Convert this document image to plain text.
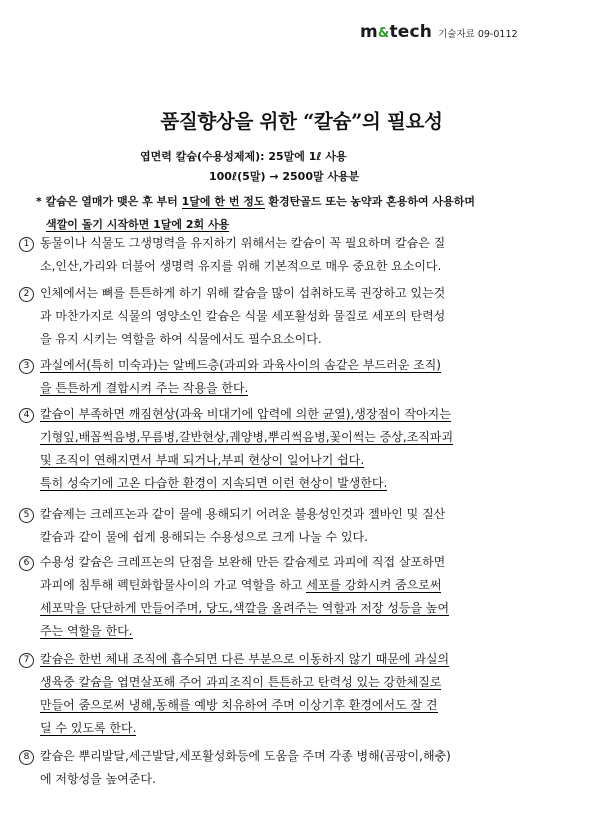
m&tech 기술자료 09-0112
품질향상을 위한 “칼슘”의 필요성
엽면력 칼슘(수용성제제): 25말에 1ℓ 사용
100ℓ(5말) → 2500말 사용분
* 칼슘은 열매가 맺은 후 부터 1달에 한 번 정도 환경탄골드 또는 농약과 혼용하여 사용하며
색깔이 돌기 시작하면 1달에 2회 사용
1 동물이나 식물도 그생명력을 유지하기 위해서는 칼슘이 꼭 필요하며 칼슘은 질
소,인산,가리와 더불어 생명력 유지를 위해 기본적으로 매우 중요한 요소이다.
2 인체에서는 뼈를 튼튼하게 하기 위해 칼슘을 많이 섭취하도록 권장하고 있는것
과 마찬가지로 식물의 영양소인 칼슘은 식물 세포활성화 물질로 세포의 탄력성
을 유지 시키는 역할을 하여 식물에서도 필수요소이다.
3 과실에서(특히 미숙과)는 알베드층(과피와 과육사이의 솜같은 부드러운 조직)
을 튼튼하게 결합시켜 주는 작용을 한다.
4 칼슘이 부족하면 깨짐현상(과육 비대기에 압력에 의한 균열),생장점이 작아지는
기형잎,배꼽썩음병,무름병,갈반현상,궤양병,뿌리썩음병,꽃이썩는 증상,조직파괴
및 조직이 연해지면서 부패 되거나,부피 현상이 일어나기 쉽다.
특히 성숙기에 고온 다습한 환경이 지속되면 이런 현상이 발생한다.
5 칼슘제는 크레프논과 같이 물에 용해되기 어려운 불용성인것과 젤바인 및 질산
칼슘과 같이 물에 쉽게 용해되는 수용성으로 크게 나눌 수 있다.
6 수용성 칼슘은 크레프논의 단점을 보완해 만든 칼슘제로 과피에 직접 살포하면
과피에 침투해 펙틴화합물사이의 가교 역할을 하고 세포를 강화시켜 줌으로써
세포막을 단단하게 만들어주며, 당도,색깔을 올려주는 역할과 저장 성등을 높여
주는 역할을 한다.
7 칼슘은 한번 체내 조직에 흡수되면 다른 부분으로 이동하지 않기 때문에 과실의
생육중 칼슘을 엽면살포해 주어 과피조직이 튼튼하고 탄력성 있는 강한체질로
만들어 줌으로써 냉해,동해를 예방 치유하여 주며 이상기후 환경에서도 잘 견
딜 수 있도록 한다.
8 칼슘은 뿌리발달,세근발달,세포활성화등에 도움을 주며 각종 병해(곰팡이,해충)
에 저항성을 높여준다.
